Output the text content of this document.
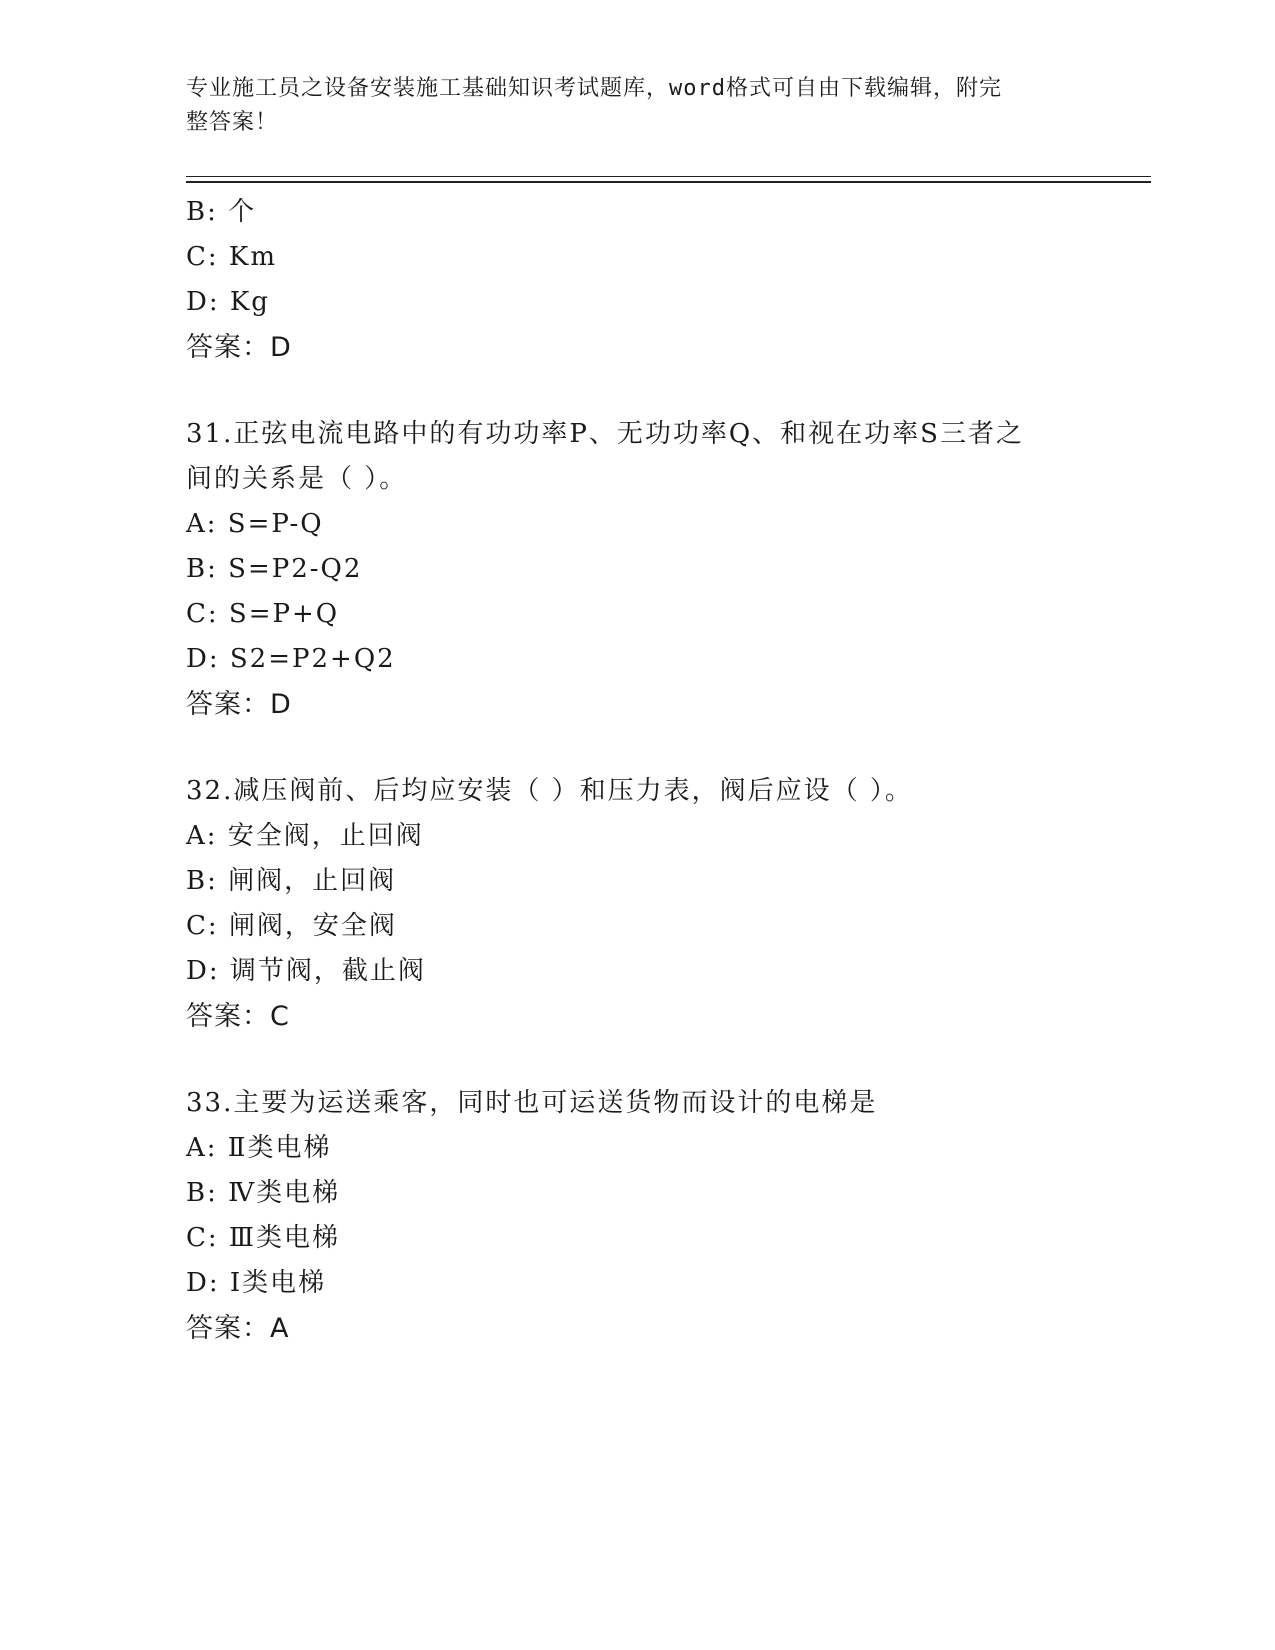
专业施工员之设备安装施工基础知识考试题库，word格式可自由下载编辑，附完
整答案！
B: 个
C: Km
D: Kg
答案：D
31.正弦电流电路中的有功功率P、无功功率Q、和视在功率S三者之
间的关系是（ ）。
A: S=P-Q
B: S=P2-Q2
C: S=P+Q
D: S2=P2+Q2
答案：D
32.减压阀前、后均应安装（ ）和压力表，阀后应设（ ）。
A: 安全阀，止回阀
B: 闸阀，止回阀
C: 闸阀，安全阀
D: 调节阀，截止阀
答案：C
33.主要为运送乘客，同时也可运送货物而设计的电梯是
A: Ⅱ类电梯
B: Ⅳ类电梯
C: Ⅲ类电梯
D: Ⅰ类电梯
答案：A
